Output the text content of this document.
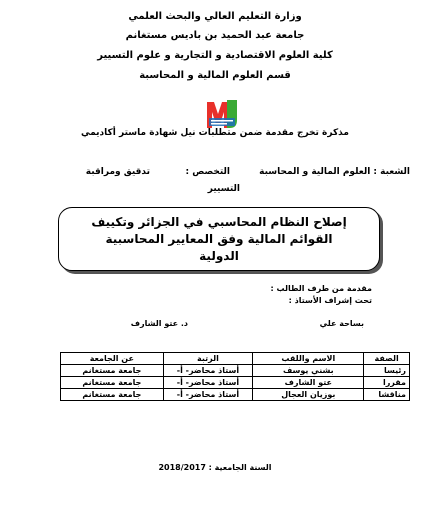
وزارة التعليم العالي والبحث العلمي
جامعة عبد الحميد بن باديس مستغانم
كلية العلوم الاقتصادية و التجارية و علوم التسيير
قسم العلوم المالية و المحاسبة
مذكرة تخرج مقدمة ضمن متطلبات نيل شهادة ماستر أكاديمي
الشعبة : العلوم المالية و المحاسبة
التخصص :
تدقيق ومراقبة
التسيير
إصلاح النظام المحاسبي في الجزائر وتكييف القوائم المالية وفق المعايير المحاسبية الدولية
مقدمة من طرف الطالب :
تحت إشراف الأستاذ :
بساحة علي
د. عتو الشارف
الصفة	الاسم واللقب	الرتبة	عن الجامعة
رئيسا	بشني يوسف	أستاذ محاضر- أ-	جامعة مستغانم
مقررا	عتو الشارف	أستاذ محاضر- أ-	جامعة مستغانم
مناقشا	بوزيان العجال	أستاذ محاضر- أ-	جامعة مستغانم
السنة الجامعية : 2018/2017
